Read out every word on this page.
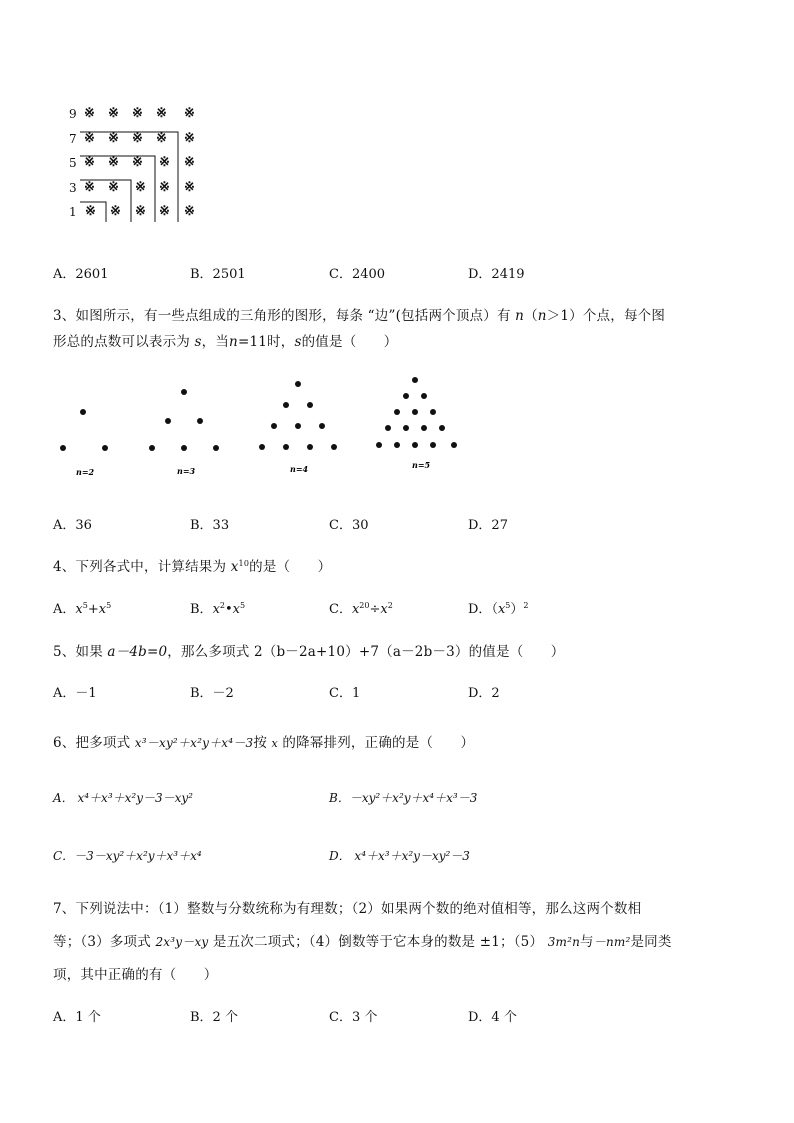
9
7
5
3
1
※ ※ ※ ※ ※
※ ※ ※ ※ ※
※ ※ ※ ※ ※
※ ※ ※ ※ ※
※ ※ ※ ※ ※
A．2601	B．2501	C．2400	D．2419
3、如图所示，有一些点组成的三角形的图形，每条 “边”(包括两个顶点）有 n（n＞1）个点，每个图
形总的点数可以表示为 s，当n=11时，s的值是（　　）
n=2	n=3	n=4	n=5
A．36	B．33	C．30	D．27
4、下列各式中，计算结果为 $x^{10}$的是（　　）
A．$x^5+x^5$	B．$x^2•x^5$	C．$x^{20}\div x^2$	D．$(x^5)^2$
5、如果 a－4b=0，那么多项式 2（b－2a+10）+7（a－2b－3）的值是（　　）
A．－1	B．－2	C．1	D．2
6、把多项式 x³－xy²＋x²y＋x⁴－3按 x 的降幂排列，正确的是（　　）
A． x⁴＋x³＋x²y－3－xy²	B．－xy²＋x²y＋x⁴＋x³－3
C．－3－xy²＋x²y＋x³＋x⁴	D． x⁴＋x³＋x²y－xy²－3
7、下列说法中：（1）整数与分数统称为有理数；（2）如果两个数的绝对值相等，那么这两个数相
等；（3）多项式 2x³y－xy 是五次二项式；（4）倒数等于它本身的数是 ±1；（5） 3m²n与－nm²是同类
项，其中正确的有（　　）
A．1 个	B．2 个	C．3 个	D．4 个
